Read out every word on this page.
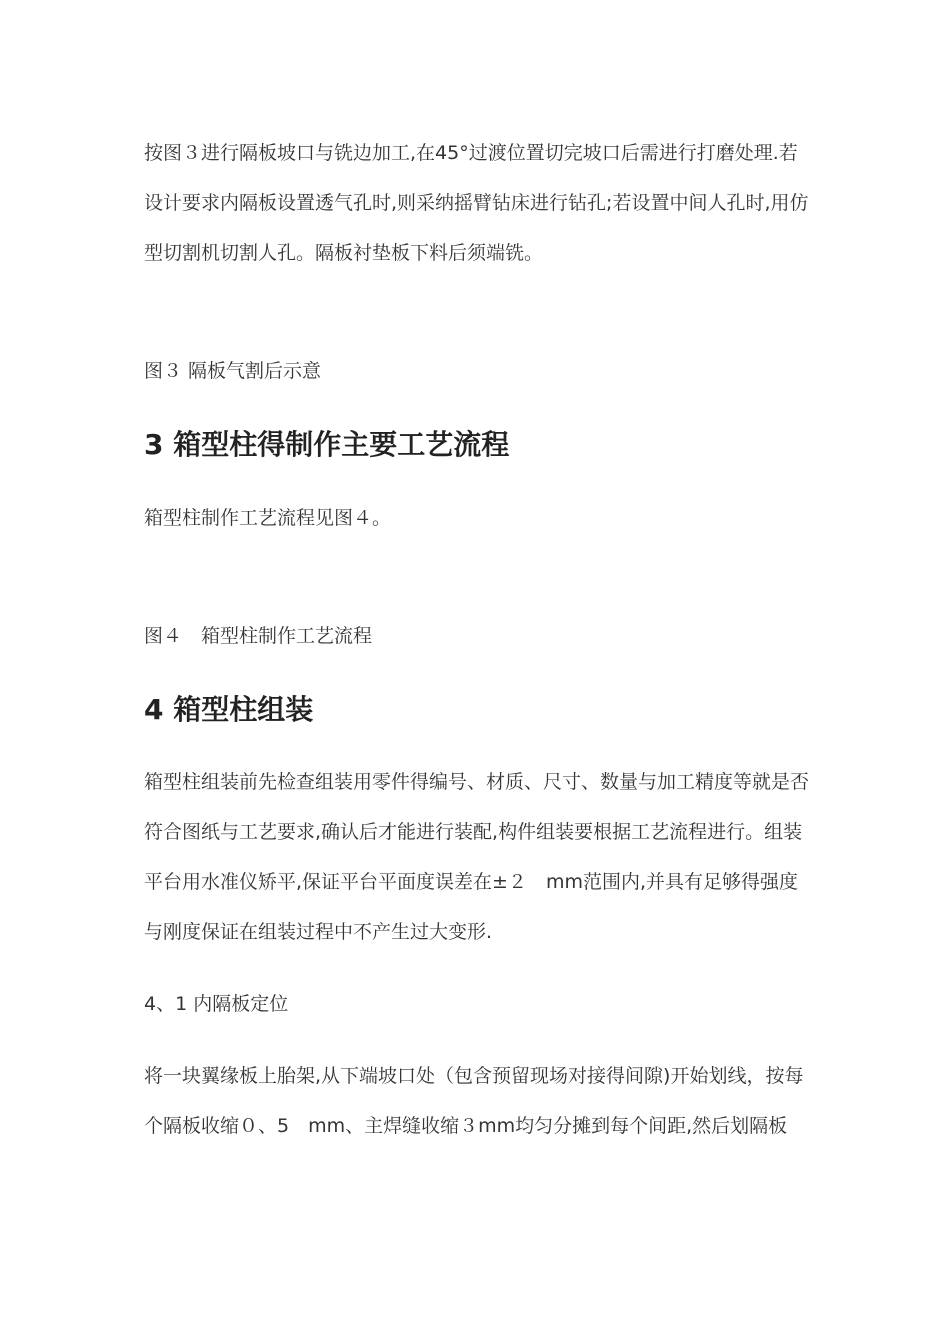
按图３进行隔板坡口与铣边加工,在45°过渡位置切完坡口后需进行打磨处理.若设计要求内隔板设置透气孔时,则采纳摇臂钻床进行钻孔;若设置中间人孔时,用仿型切割机切割人孔。隔板衬垫板下料后须端铣。

图３ 隔板气割后示意

3 箱型柱得制作主要工艺流程

箱型柱制作工艺流程见图４。

图４　箱型柱制作工艺流程

4 箱型柱组装

箱型柱组装前先检查组装用零件得编号、材质、尺寸、数量与加工精度等就是否符合图纸与工艺要求,确认后才能进行装配,构件组装要根据工艺流程进行。组装平台用水准仪矫平,保证平台平面度误差在±２　mm范围内,并具有足够得强度与刚度保证在组装过程中不产生过大变形.

4、1 内隔板定位

将一块翼缘板上胎架,从下端坡口处（包含预留现场对接得间隙)开始划线，按每个隔板收缩０、5　mm、主焊缝收缩３mm均匀分摊到每个间距,然后划隔板
